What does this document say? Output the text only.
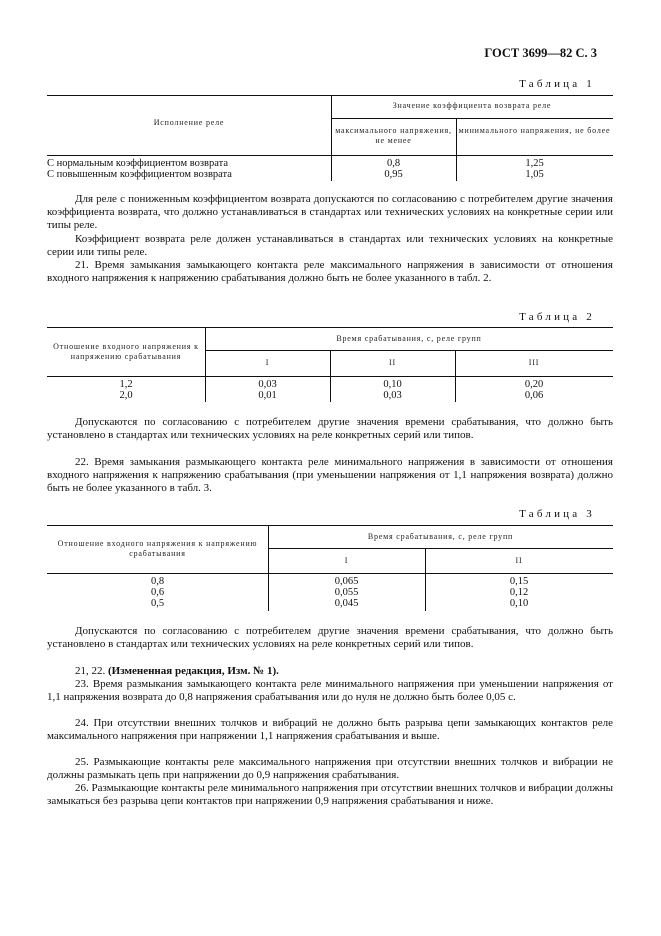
ГОСТ 3699—82 С. 3
Таблица 1
Исполнение реле
Значение коэффициента возврата реле
максимального напряжения, не менее
минимального напряжения, не более
С нормальным коэффициентом возврата	0,8	1,25
С повышенным коэффициентом возврата	0,95	1,05

Для реле с пониженным коэффициентом возврата допускаются по согласованию с потребителем другие значения коэффициента возврата, что должно устанавливаться в стандартах или технических условиях на конкретные серии или типы реле.

Коэффициент возврата реле должен устанавливаться в стандартах или технических условиях на конкретные серии или типы реле.

21. Время замыкания замыкающего контакта реле максимального напряжения в зависимости от отношения входного напряжения к напряжению срабатывания должно быть не более указанного в табл. 2.

Таблица 2
Отношение входного напряжения к напряжению срабатывания
Время срабатывания, с, реле групп
I	II	III
1,2	0,03	0,10	0,20
2,0	0,01	0,03	0,06

Допускаются по согласованию с потребителем другие значения времени срабатывания, что должно быть установлено в стандартах или технических условиях на реле конкретных серий или типов.

22. Время замыкания размыкающего контакта реле минимального напряжения в зависимости от отношения входного напряжения к напряжению срабатывания (при уменьшении напряжения от 1,1 напряжения возврата) должно быть не более указанного в табл. 3.

Таблица 3
Отношение входного напряжения к напряжению срабатывания
Время срабатывания, с, реле групп
I	II
0,8	0,065	0,15
0,6	0,055	0,12
0,5	0,045	0,10

Допускаются по согласованию с потребителем другие значения времени срабатывания, что должно быть установлено в стандартах или технических условиях на реле конкретных серий или типов.

21, 22. (Измененная редакция, Изм. № 1).

23. Время размыкания замыкающего контакта реле минимального напряжения при уменьшении напряжения от 1,1 напряжения возврата до 0,8 напряжения срабатывания или до нуля не должно быть более 0,05 с.

24. При отсутствии внешних толчков и вибраций не должно быть разрыва цепи замыкающих контактов реле максимального напряжения при напряжении 1,1 напряжения срабатывания и выше.

25. Размыкающие контакты реле максимального напряжения при отсутствии внешних толчков и вибрации не должны размыкать цепь при напряжении до 0,9 напряжения срабатывания.

26. Размыкающие контакты реле минимального напряжения при отсутствии внешних толчков и вибрации должны замыкаться без разрыва цепи контактов при напряжении 0,9 напряжения срабатывания и ниже.
